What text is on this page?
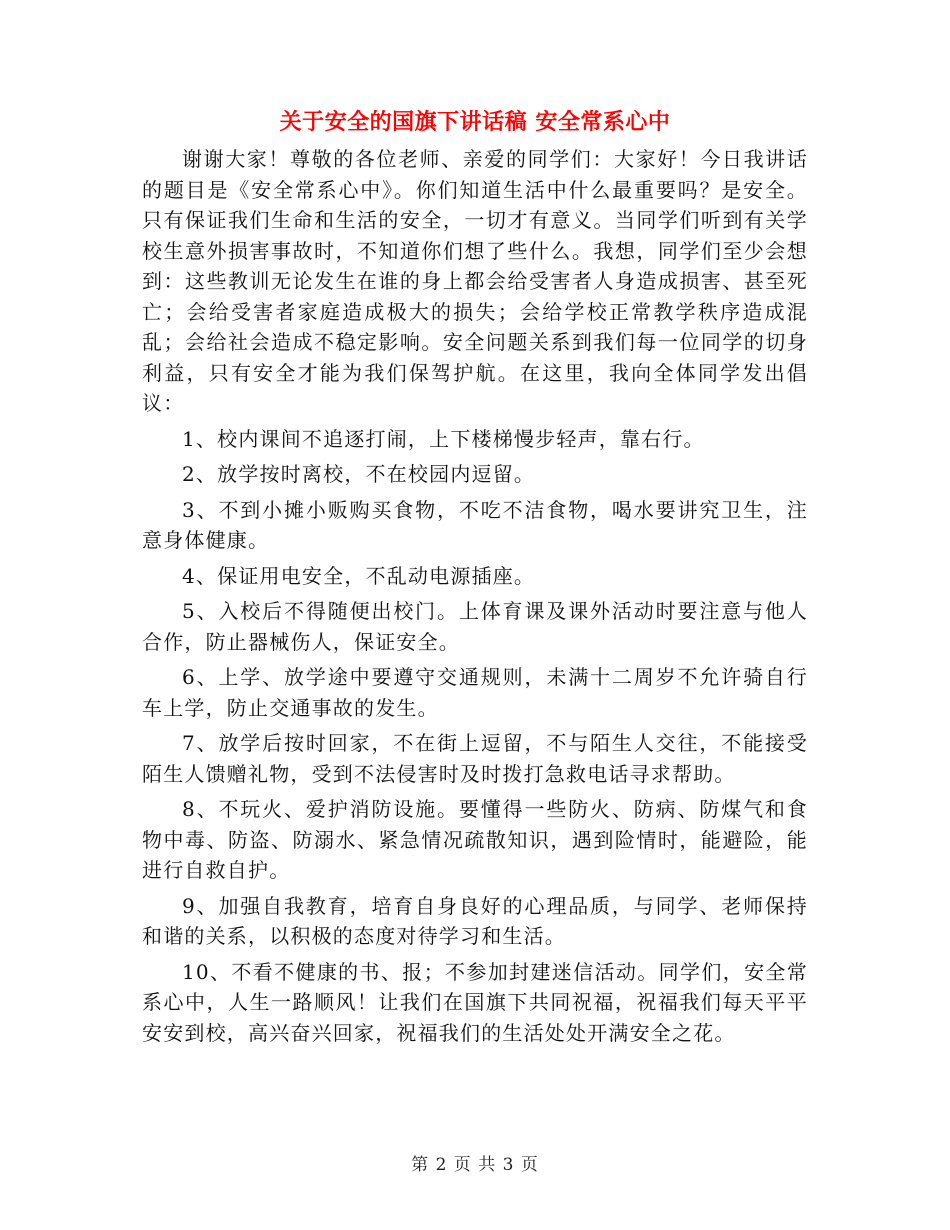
关于安全的国旗下讲话稿 安全常系心中

谢谢大家！尊敬的各位老师、亲爱的同学们：大家好！今日我讲话的题目是《安全常系心中》。你们知道生活中什么最重要吗？是安全。只有保证我们生命和生活的安全，一切才有意义。当同学们听到有关学校生意外损害事故时，不知道你们想了些什么。我想，同学们至少会想到：这些教训无论发生在谁的身上都会给受害者人身造成损害、甚至死亡；会给受害者家庭造成极大的损失；会给学校正常教学秩序造成混乱；会给社会造成不稳定影响。安全问题关系到我们每一位同学的切身利益，只有安全才能为我们保驾护航。在这里，我向全体同学发出倡议：

1、校内课间不追逐打闹，上下楼梯慢步轻声，靠右行。

2、放学按时离校，不在校园内逗留。

3、不到小摊小贩购买食物，不吃不洁食物，喝水要讲究卫生，注意身体健康。

4、保证用电安全，不乱动电源插座。

5、入校后不得随便出校门。上体育课及课外活动时要注意与他人合作，防止器械伤人，保证安全。

6、上学、放学途中要遵守交通规则，未满十二周岁不允许骑自行车上学，防止交通事故的发生。

7、放学后按时回家，不在街上逗留，不与陌生人交往，不能接受陌生人馈赠礼物，受到不法侵害时及时拨打急救电话寻求帮助。

8、不玩火、爱护消防设施。要懂得一些防火、防病、防煤气和食物中毒、防盗、防溺水、紧急情况疏散知识，遇到险情时，能避险，能进行自救自护。

9、加强自我教育，培育自身良好的心理品质，与同学、老师保持和谐的关系，以积极的态度对待学习和生活。

10、不看不健康的书、报；不参加封建迷信活动。同学们，安全常系心中，人生一路顺风！让我们在国旗下共同祝福，祝福我们每天平平安安到校，高兴奋兴回家，祝福我们的生活处处开满安全之花。

第 2 页 共 3 页
